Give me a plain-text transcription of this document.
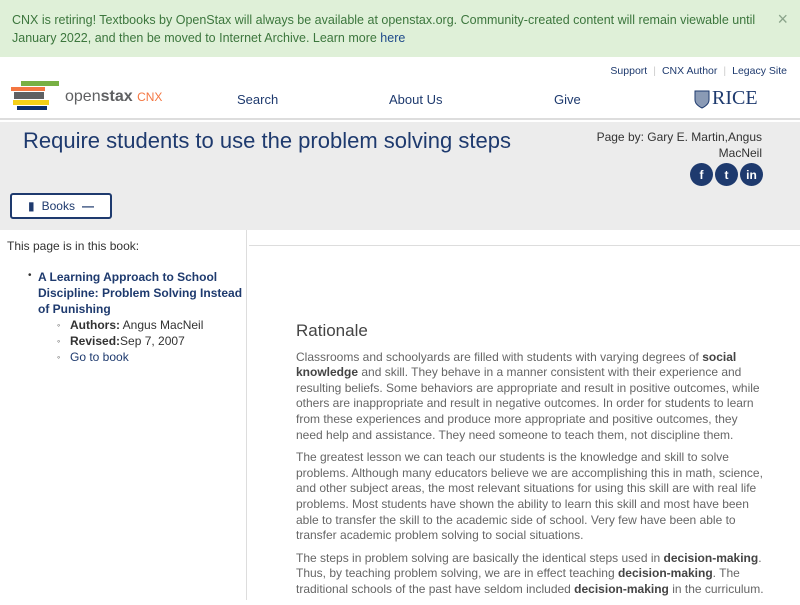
CNX is retiring! Textbooks by OpenStax will always be available at openstax.org. Community-created content will remain viewable until January 2022, and then be moved to Internet Archive. Learn more here
×
Support | CNX Author | Legacy Site
openstax CNX	Search	About Us	Give	RICE
Require students to use the problem solving steps	Page by: Gary E. Martin,Angus MacNeil
f	t	in
▮ Books —
This page is in this book:
• A Learning Approach to School Discipline: Problem Solving Instead of Punishing
◦ Authors: Angus MacNeil
◦ Revised:Sep 7, 2007
◦ Go to book
Rationale

Classrooms and schoolyards are filled with students with varying degrees of social knowledge and skill. They behave in a manner consistent with their experience and resulting beliefs. Some behaviors are appropriate and result in positive outcomes, while others are inappropriate and result in negative outcomes. In order for students to learn from these experiences and produce more appropriate and positive outcomes, they need help and assistance. They need someone to teach them, not discipline them.

The greatest lesson we can teach our students is the knowledge and skill to solve problems. Although many educators believe we are accomplishing this in math, science, and other subject areas, the most relevant situations for using this skill are with real life problems. Most students have shown the ability to learn this skill and most have been able to transfer the skill to the academic side of school. Very few have been able to transfer academic problem solving to social situations.

The steps in problem solving are basically the identical steps used in decision-making. Thus, by teaching problem solving, we are in effect teaching decision-making. The traditional schools of the past have seldom included decision-making in the curriculum.
